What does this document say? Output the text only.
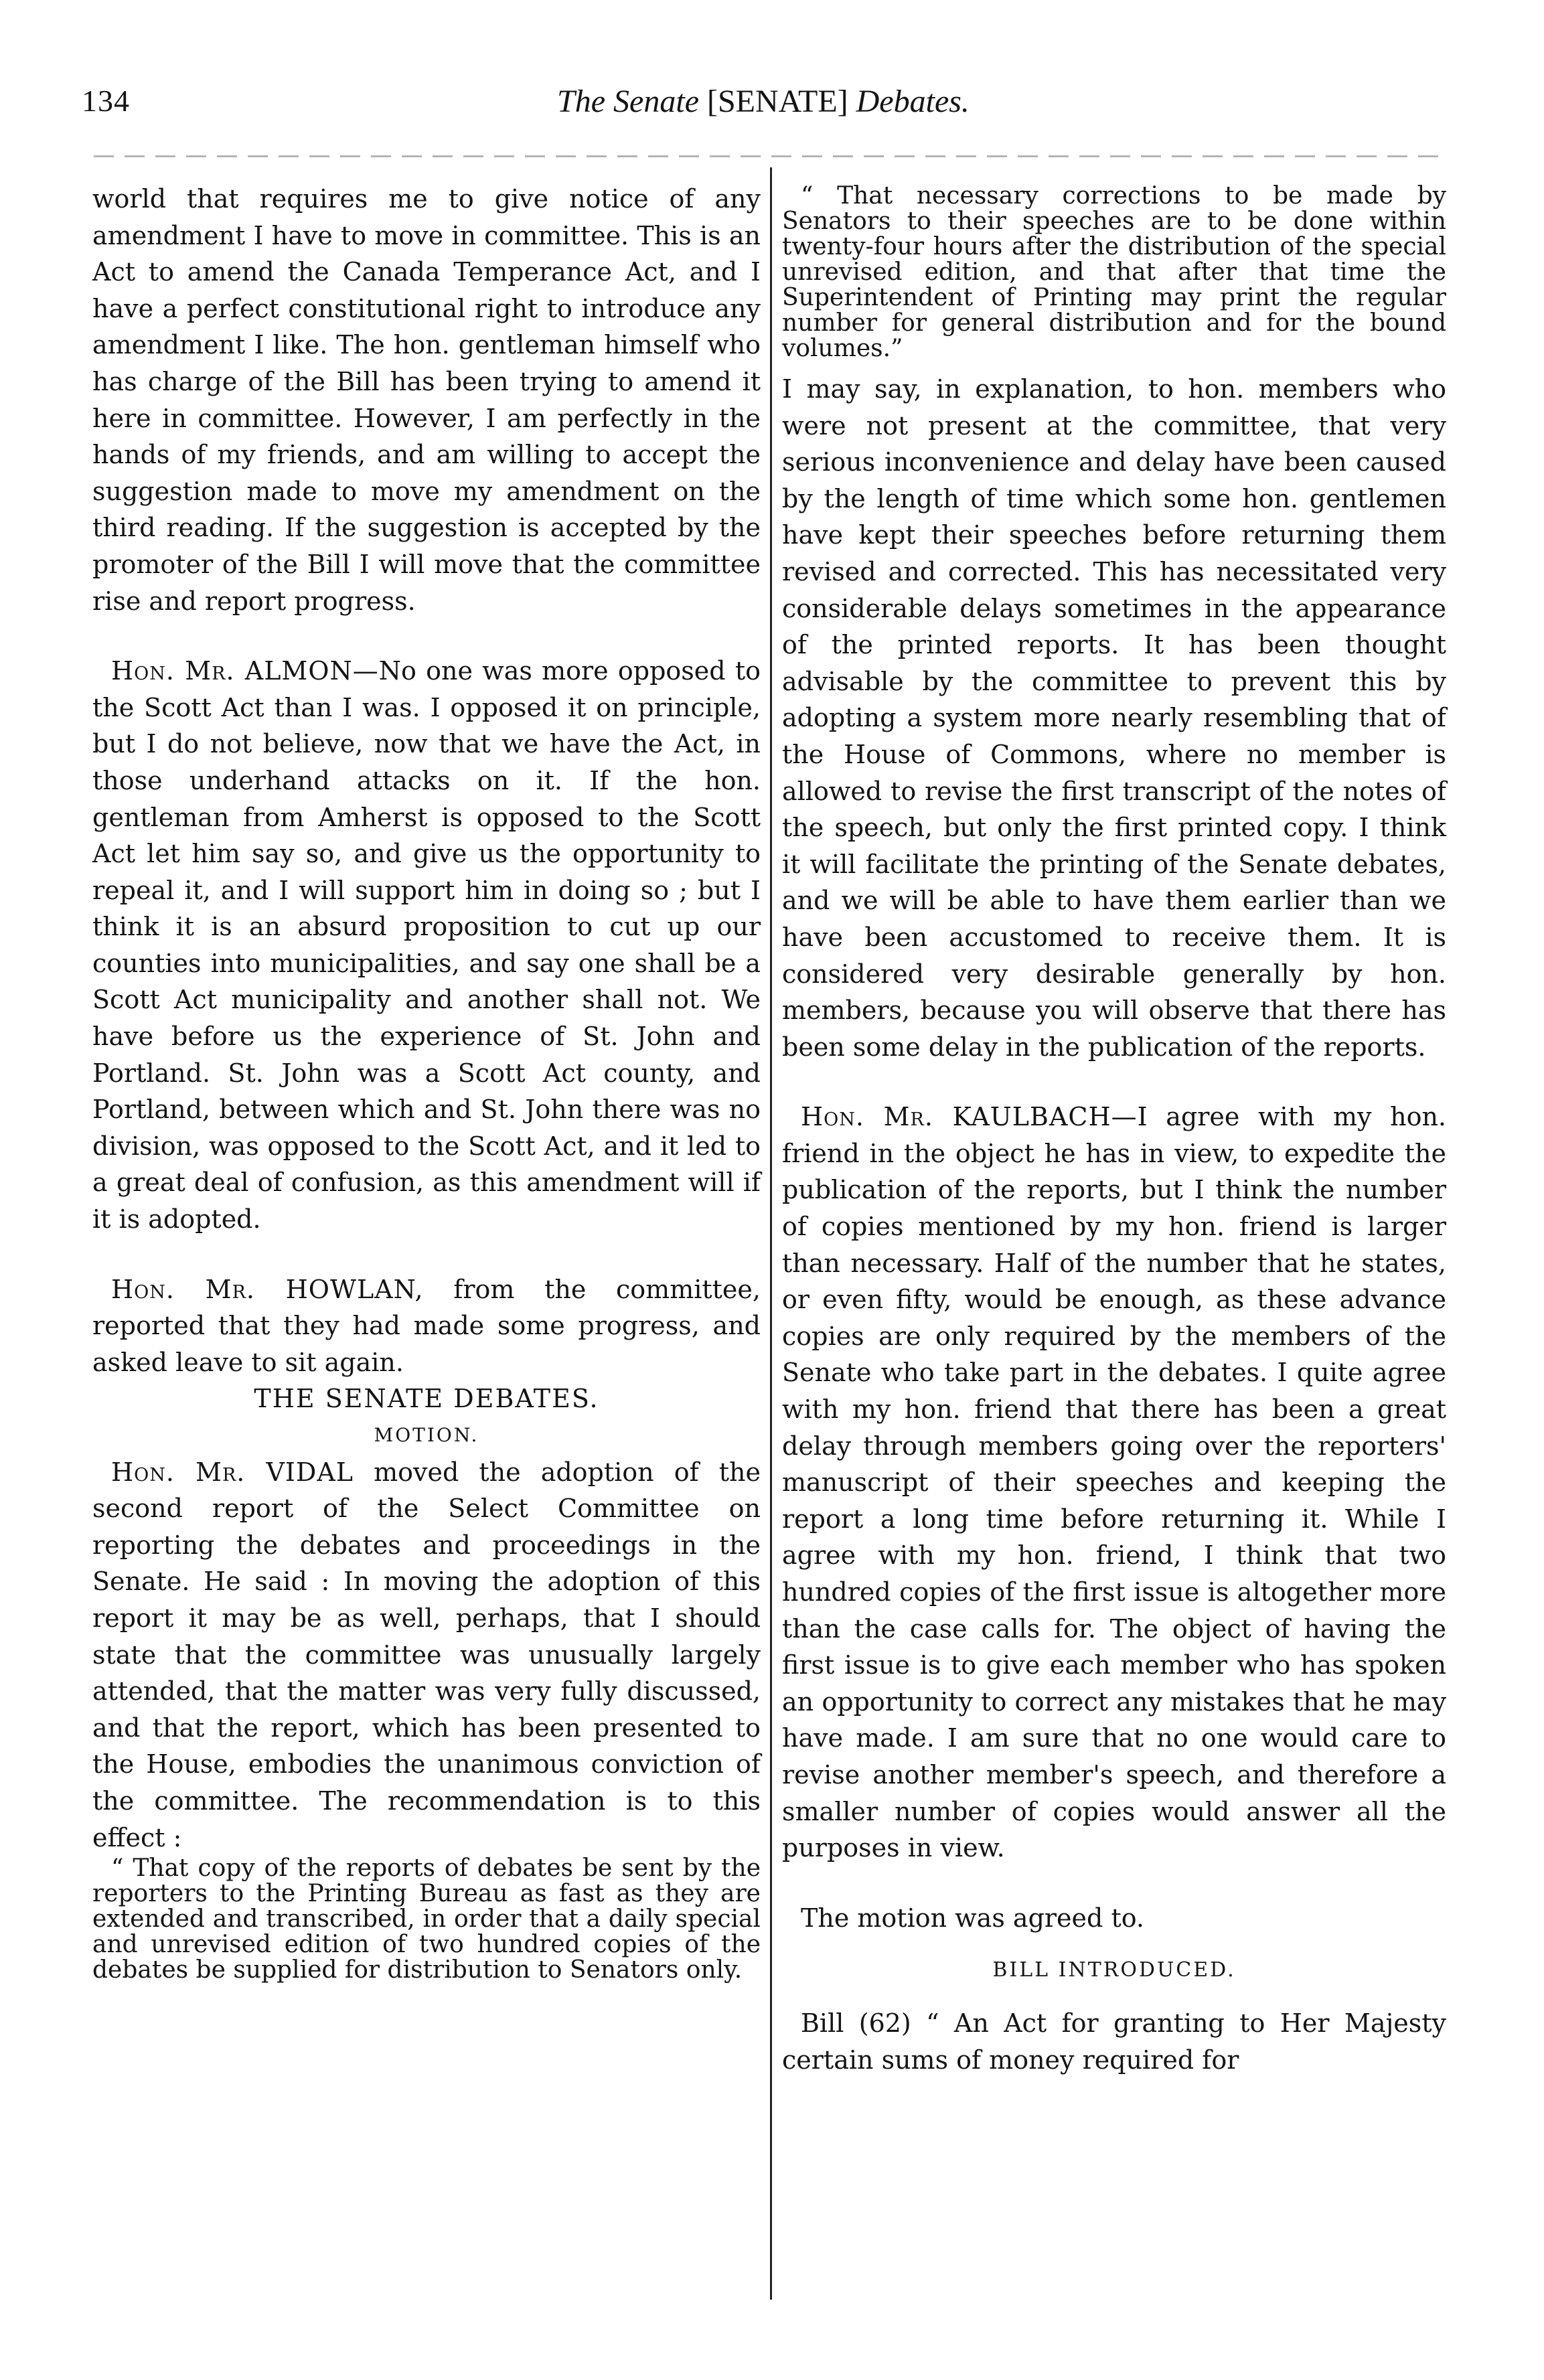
134	The Senate [SENATE] Debates.

world that requires me to give notice of any amendment I have to move in committee. This is an Act to amend the Canada Temperance Act, and I have a perfect constitutional right to introduce any amendment I like. The hon. gentleman himself who has charge of the Bill has been trying to amend it here in committee. However, I am perfectly in the hands of my friends, and am willing to accept the suggestion made to move my amendment on the third reading. If the suggestion is accepted by the promoter of the Bill I will move that the committee rise and report progress.

Hon. Mr. ALMON—No one was more opposed to the Scott Act than I was. I opposed it on principle, but I do not believe, now that we have the Act, in those underhand attacks on it. If the hon. gentleman from Amherst is opposed to the Scott Act let him say so, and give us the opportunity to repeal it, and I will support him in doing so ; but I think it is an absurd proposition to cut up our counties into municipalities, and say one shall be a Scott Act municipality and another shall not. We have before us the experience of St. John and Portland. St. John was a Scott Act county, and Portland, between which and St. John there was no division, was opposed to the Scott Act, and it led to a great deal of confusion, as this amendment will if it is adopted.

Hon. Mr. HOWLAN, from the committee, reported that they had made some progress, and asked leave to sit again.

THE SENATE DEBATES.

MOTION.

Hon. Mr. VIDAL moved the adoption of the second report of the Select Committee on reporting the debates and proceedings in the Senate. He said : In moving the adoption of this report it may be as well, perhaps, that I should state that the committee was unusually largely attended, that the matter was very fully discussed, and that the report, which has been presented to the House, embodies the unanimous conviction of the committee. The recommendation is to this effect :

“ That copy of the reports of debates be sent by the reporters to the Printing Bureau as fast as they are extended and transcribed, in order that a daily special and unrevised edition of two hundred copies of the debates be supplied for distribution to Senators only.

“ That necessary corrections to be made by Senators to their speeches are to be done within twenty-four hours after the distribution of the special unrevised edition, and that after that time the Superintendent of Printing may print the regular number for general distribution and for the bound volumes.”

I may say, in explanation, to hon. members who were not present at the committee, that very serious inconvenience and delay have been caused by the length of time which some hon. gentlemen have kept their speeches before returning them revised and corrected. This has necessitated very considerable delays sometimes in the appearance of the printed reports. It has been thought advisable by the committee to prevent this by adopting a system more nearly resembling that of the House of Commons, where no member is allowed to revise the first transcript of the notes of the speech, but only the first printed copy. I think it will facilitate the printing of the Senate debates, and we will be able to have them earlier than we have been accustomed to receive them. It is considered very desirable generally by hon. members, because you will observe that there has been some delay in the publication of the reports.

Hon. Mr. KAULBACH—I agree with my hon. friend in the object he has in view, to expedite the publication of the reports, but I think the number of copies mentioned by my hon. friend is larger than necessary. Half of the number that he states, or even fifty, would be enough, as these advance copies are only required by the members of the Senate who take part in the debates. I quite agree with my hon. friend that there has been a great delay through members going over the reporters' manuscript of their speeches and keeping the report a long time before returning it. While I agree with my hon. friend, I think that two hundred copies of the first issue is altogether more than the case calls for. The object of having the first issue is to give each member who has spoken an opportunity to correct any mistakes that he may have made. I am sure that no one would care to revise another member's speech, and therefore a smaller number of copies would answer all the purposes in view.

The motion was agreed to.

BILL INTRODUCED.

Bill (62) “ An Act for granting to Her Majesty certain sums of money required for
